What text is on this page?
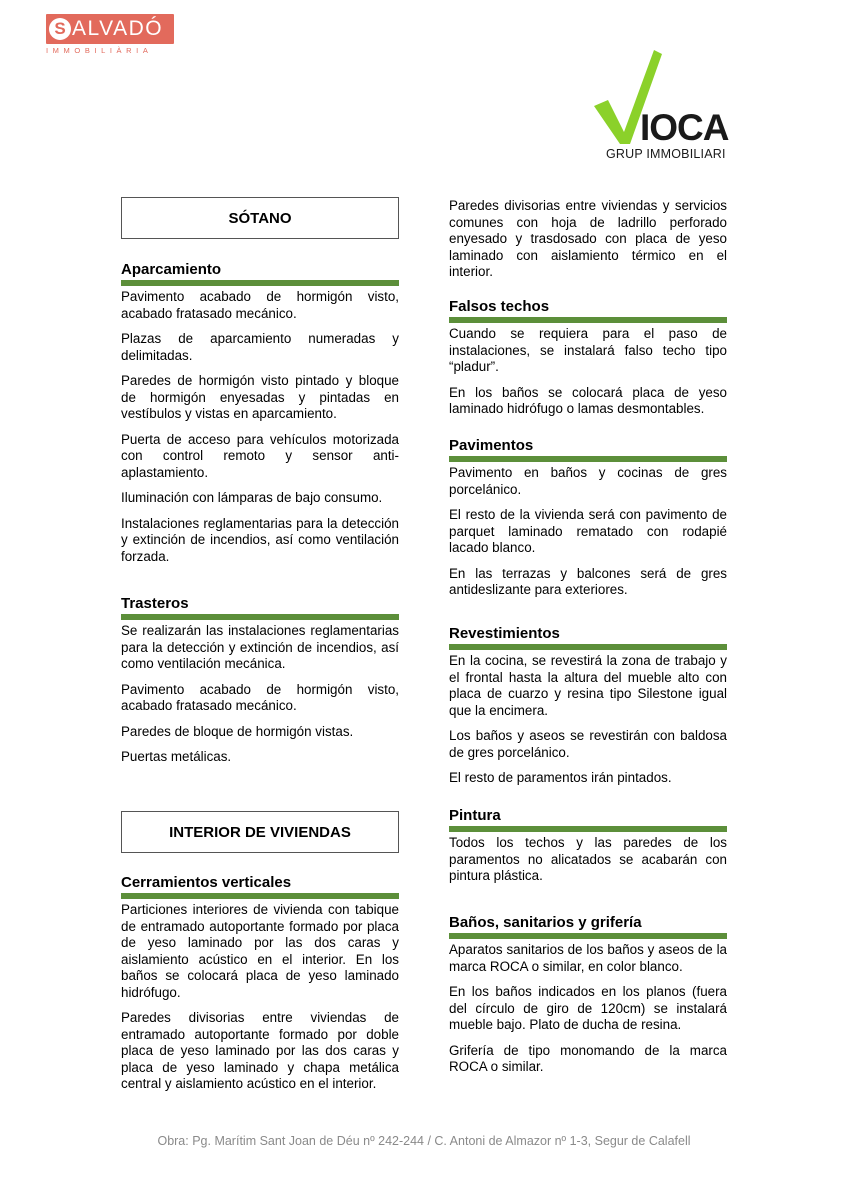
S ALVADÓ
IMMOBILIÀRIA
IOCA
GRUP IMMOBILIARI
SÓTANO
Aparcamiento

Pavimento acabado de hormigón visto, acabado fratasado mecánico.

Plazas de aparcamiento numeradas y delimitadas.

Paredes de hormigón visto pintado y bloque de hormigón enyesadas y pintadas en vestíbulos y vistas en aparcamiento.

Puerta de acceso para vehículos motorizada con control remoto y sensor anti-aplastamiento.

Iluminación con lámparas de bajo consumo.

Instalaciones reglamentarias para la detección y extinción de incendios, así como ventilación forzada.

Trasteros

Se realizarán las instalaciones reglamentarias para la detección y extinción de incendios, así como ventilación mecánica.

Pavimento acabado de hormigón visto, acabado fratasado mecánico.

Paredes de bloque de hormigón vistas.

Puertas metálicas.

INTERIOR DE VIVIENDAS
Cerramientos verticales

Particiones interiores de vivienda con tabique de entramado autoportante formado por placa de yeso laminado por las dos caras y aislamiento acústico en el interior. En los baños se colocará placa de yeso laminado hidrófugo.

Paredes divisorias entre viviendas de entramado autoportante formado por doble placa de yeso laminado por las dos caras y placa de yeso laminado y chapa metálica central y aislamiento acústico en el interior.

Paredes divisorias entre viviendas y servicios comunes con hoja de ladrillo perforado enyesado y trasdosado con placa de yeso laminado con aislamiento térmico en el interior.

Falsos techos

Cuando se requiera para el paso de instalaciones, se instalará falso techo tipo “pladur”.

En los baños se colocará placa de yeso laminado hidrófugo o lamas desmontables.

Pavimentos

Pavimento en baños y cocinas de gres porcelánico.

El resto de la vivienda será con pavimento de parquet laminado rematado con rodapié lacado blanco.

En las terrazas y balcones será de gres antideslizante para exteriores.

Revestimientos

En la cocina, se revestirá la zona de trabajo y el frontal hasta la altura del mueble alto con placa de cuarzo y resina tipo Silestone igual que la encimera.

Los baños y aseos se revestirán con baldosa de gres porcelánico.

El resto de paramentos irán pintados.

Pintura

Todos los techos y las paredes de los paramentos no alicatados se acabarán con pintura plástica.

Baños, sanitarios y grifería

Aparatos sanitarios de los baños y aseos de la marca ROCA o similar, en color blanco.

En los baños indicados en los planos (fuera del círculo de giro de 120cm) se instalará mueble bajo. Plato de ducha de resina.

Grifería de tipo monomando de la marca ROCA o similar.

Obra: Pg. Marítim Sant Joan de Déu nº 242-244 / C. Antoni de Almazor nº 1-3, Segur de Calafell
